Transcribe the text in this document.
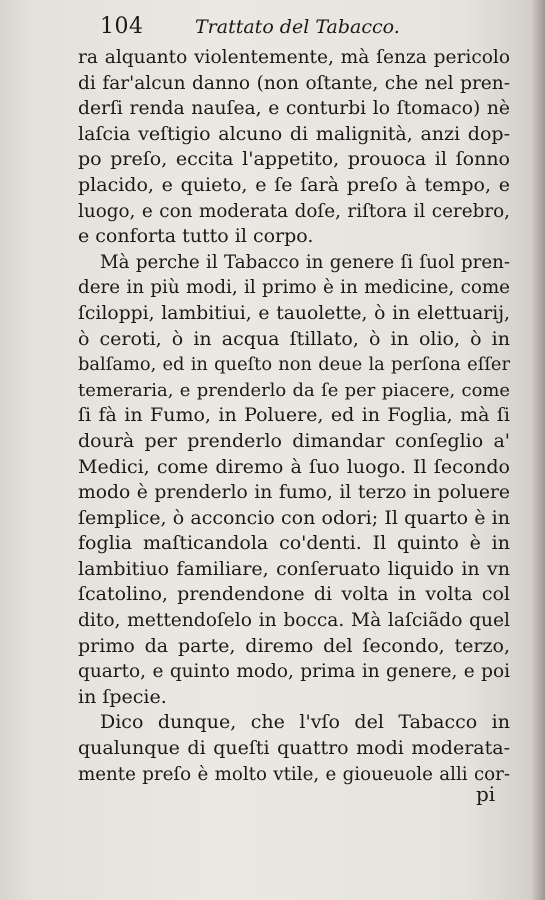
104	Trattato del Tabacco.
ra alquanto violentemente, mà ſenza pericolo
di far'alcun danno (non oſtante, che nel pren-
derſi renda nauſea, e conturbi lo ſtomaco) nè
laſcia veſtigio alcuno di malignità, anzi dop-
po preſo, eccita l'appetito, prouoca il ſonno
placido, e quieto, e ſe ſarà preſo à tempo, e
luogo, e con moderata doſe, riſtora il cerebro,
e conforta tutto il corpo.
Mà perche il Tabacco in genere ſi ſuol pren-
dere in più modi, il primo è in medicine, come
ſciloppi, lambitiui, e tauolette, ò in elettuarij,
ò ceroti, ò in acqua ſtillato, ò in olio, ò in
balſamo, ed in queſto non deue la perſona eſſer
temeraria, e prenderlo da ſe per piacere, come
ſi fà in Fumo, in Poluere, ed in Foglia, mà ſi
dourà per prenderlo dimandar conſeglio a'
Medici, come diremo à ſuo luogo. Il ſecondo
modo è prenderlo in fumo, il terzo in poluere
ſemplice, ò acconcio con odori; Il quarto è in
foglia maſticandola co'denti. Il quinto è in
lambitiuo familiare, conſeruato liquido in vn
ſcatolino, prendendone di volta in volta col
dito, mettendoſelo in bocca. Mà laſciãdo quel
primo da parte, diremo del ſecondo, terzo,
quarto, e quinto modo, prima in genere, e poi
in ſpecie.
Dico dunque, che l'vſo del Tabacco in
qualunque di queſti quattro modi moderata-
mente preſo è molto vtile, e gioueuole alli cor-
pi
